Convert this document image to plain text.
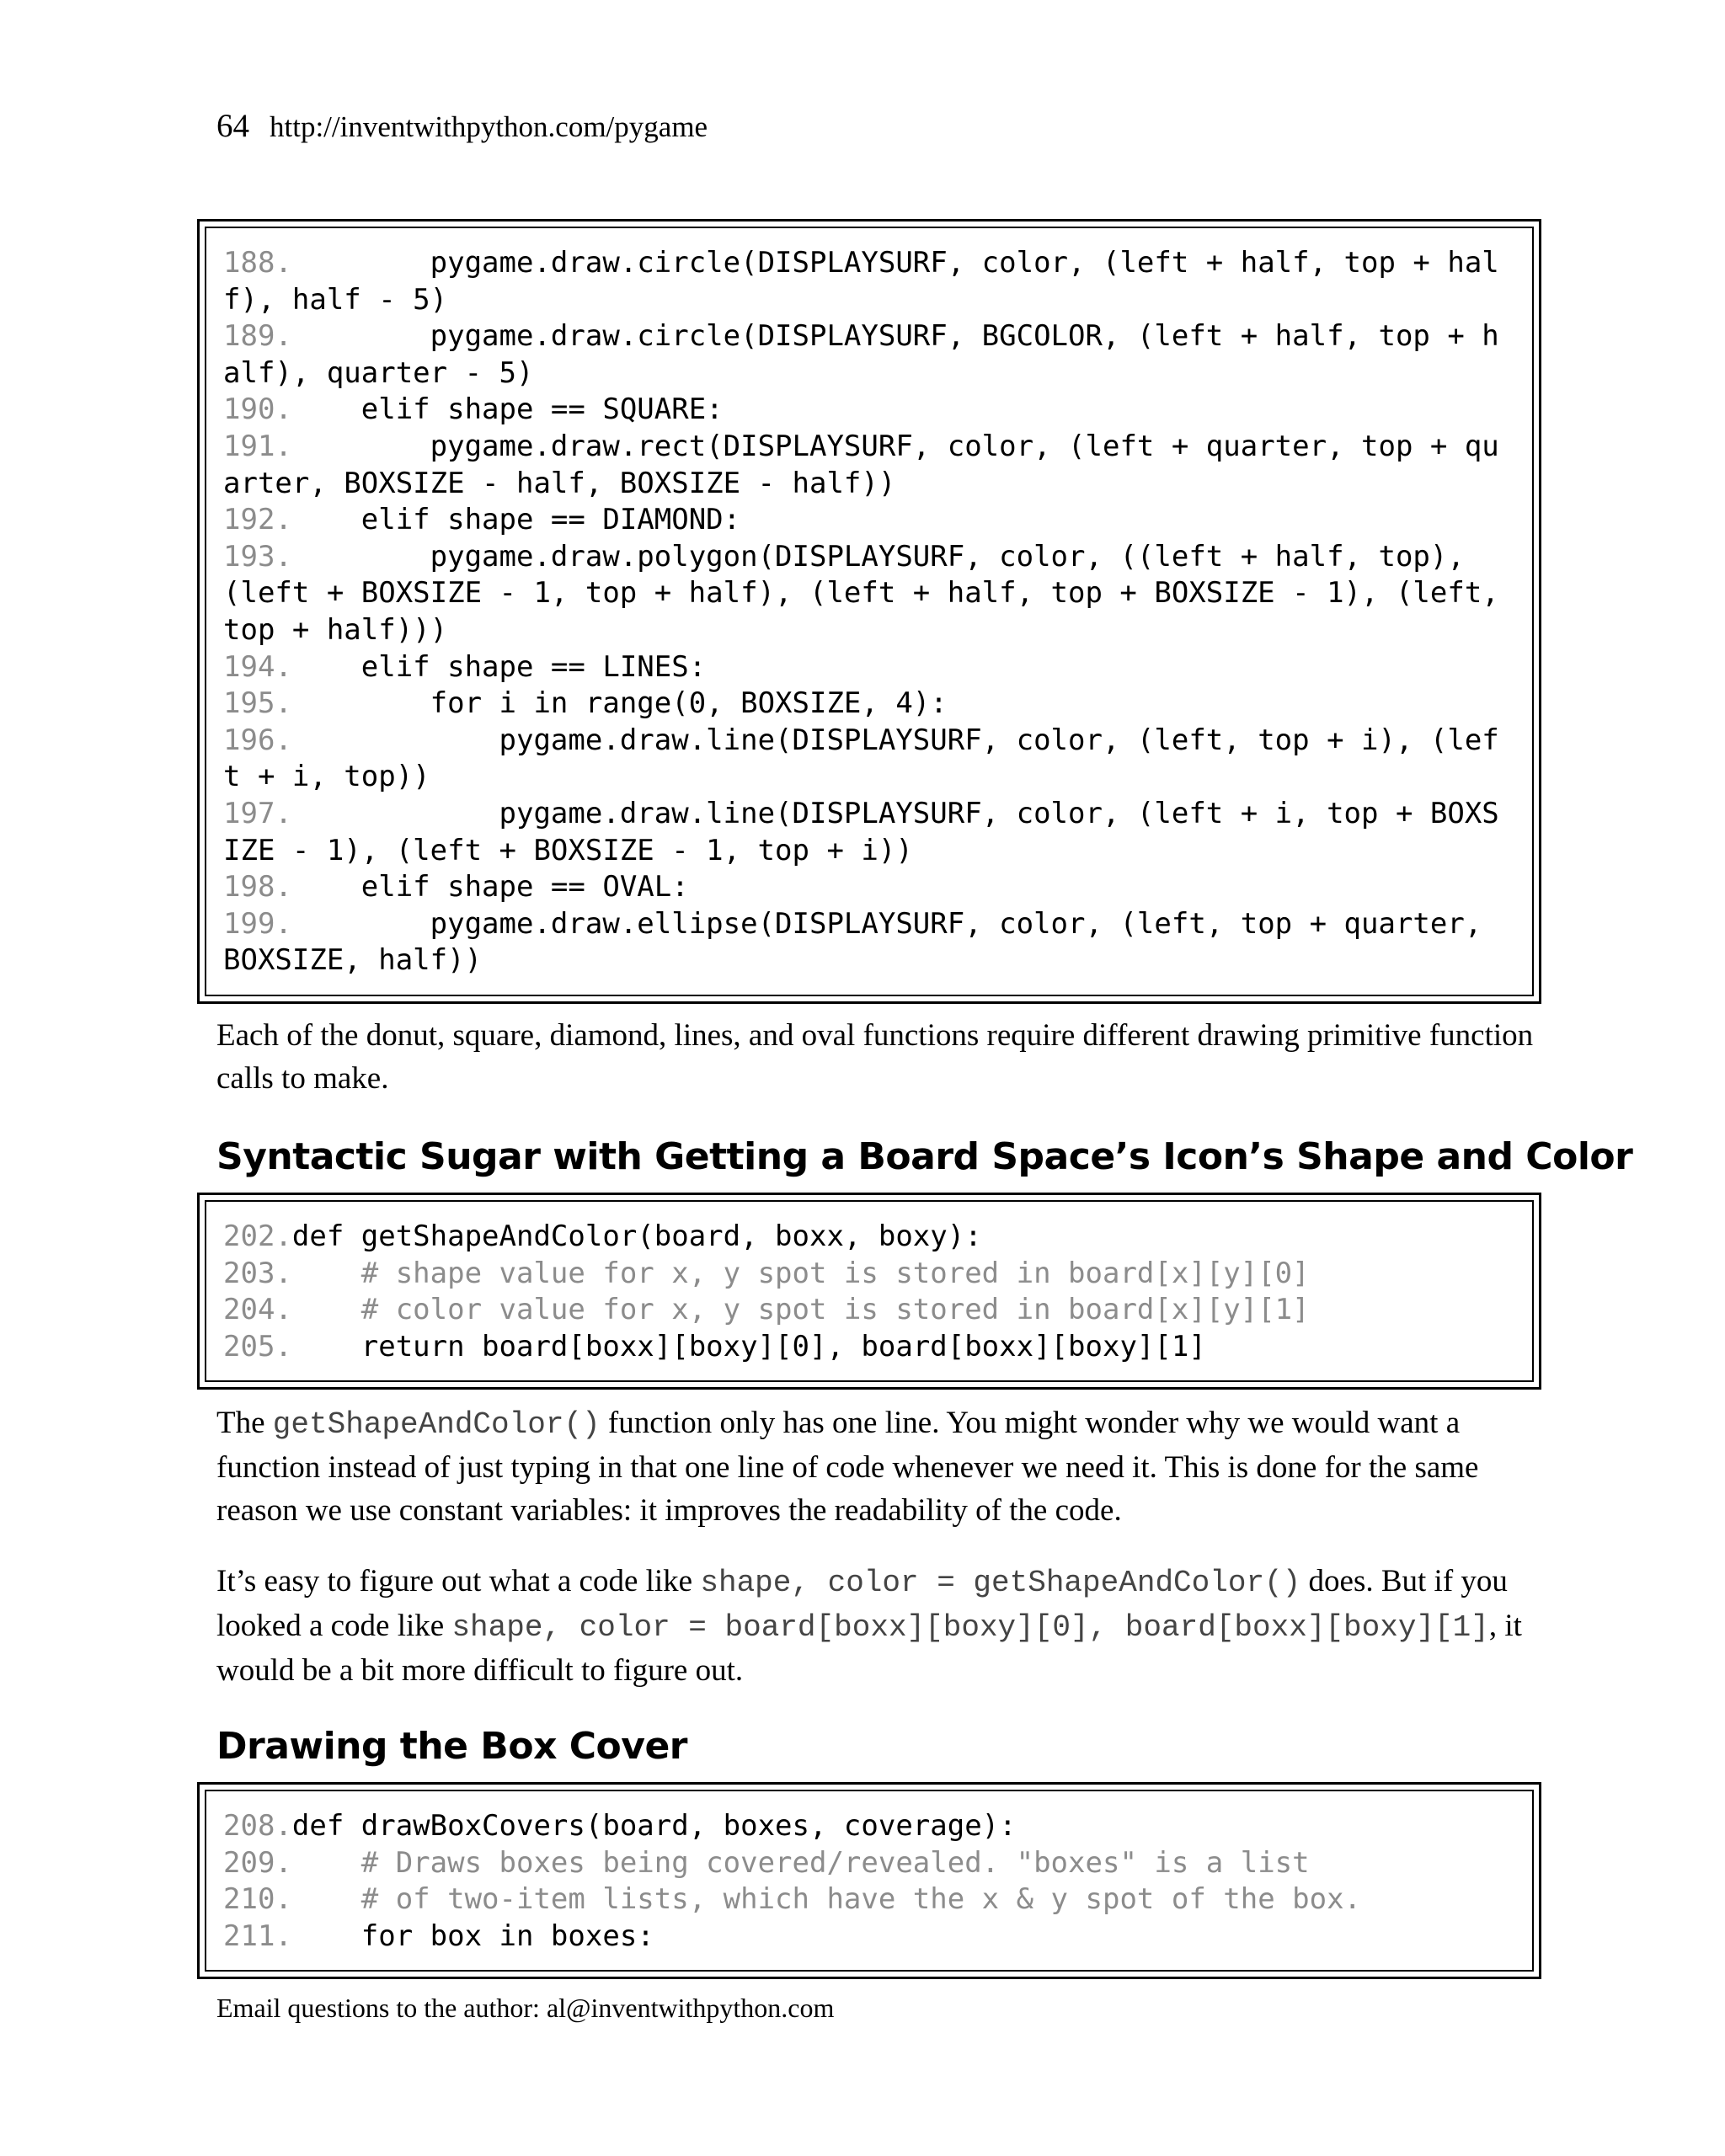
64 http://inventwithpython.com/pygame
188.        pygame.draw.circle(DISPLAYSURF, color, (left + half, top + half), half - 5)
189.        pygame.draw.circle(DISPLAYSURF, BGCOLOR, (left + half, top + half), quarter - 5)
190.    elif shape == SQUARE:
191.        pygame.draw.rect(DISPLAYSURF, color, (left + quarter, top + quarter, BOXSIZE - half, BOXSIZE - half))
192.    elif shape == DIAMOND:
193.        pygame.draw.polygon(DISPLAYSURF, color, ((left + half, top), (left + BOXSIZE - 1, top + half), (left + half, top + BOXSIZE - 1), (left, top + half)))
194.    elif shape == LINES:
195.        for i in range(0, BOXSIZE, 4):
196.            pygame.draw.line(DISPLAYSURF, color, (left, top + i), (left + i, top))
197.            pygame.draw.line(DISPLAYSURF, color, (left + i, top + BOXSIZE - 1), (left + BOXSIZE - 1, top + i))
198.    elif shape == OVAL:
199.        pygame.draw.ellipse(DISPLAYSURF, color, (left, top + quarter, BOXSIZE, half))

Each of the donut, square, diamond, lines, and oval functions require different drawing primitive function calls to make.

Syntactic Sugar with Getting a Board Space’s Icon’s Shape and Color
202.def getShapeAndColor(board, boxx, boxy):
203.    # shape value for x, y spot is stored in board[x][y][0]
204.    # color value for x, y spot is stored in board[x][y][1]
205.    return board[boxx][boxy][0], board[boxx][boxy][1]

The getShapeAndColor() function only has one line. You might wonder why we would want a function instead of just typing in that one line of code whenever we need it. This is done for the same reason we use constant variables: it improves the readability of the code.

It’s easy to figure out what a code like shape, color = getShapeAndColor() does. But if you looked a code like shape, color = board[boxx][boxy][0], board[boxx][boxy][1], it would be a bit more difficult to figure out.

Drawing the Box Cover
208.def drawBoxCovers(board, boxes, coverage):
209.    # Draws boxes being covered/revealed. "boxes" is a list
210.    # of two-item lists, which have the x & y spot of the box.
211.    for box in boxes:
Email questions to the author: al@inventwithpython.com
